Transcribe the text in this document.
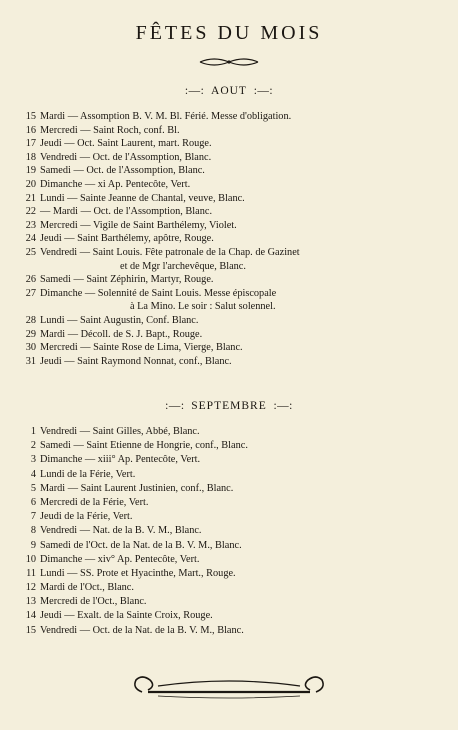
FÊTES DU MOIS
:—: AOUT :—:
15 Mardi — Assomption B. V. M. Bl. Férié. Messe d'obligation.
16 Mercredi — Saint Roch, conf. Bl.
17 Jeudi — Oct. Saint Laurent, mart. Rouge.
18 Vendredi — Oct. de l'Assomption, Blanc.
19 Samedi — Oct. de l'Assomption, Blanc.
20 Dimanche — xi Ap. Pentecôte, Vert.
21 Lundi — Sainte Jeanne de Chantal, veuve, Blanc.
22 — Mardi — Oct. de l'Assomption, Blanc.
23 Mercredi — Vigile de Saint Barthélemy, Violet.
24 Jeudi — Saint Barthélemy, apôtre, Rouge.
25 Vendredi — Saint Louis. Fête patronale de la Chap. de Gazinet
et de Mgr l'archevêque, Blanc.
26 Samedi — Saint Zéphirin, Martyr, Rouge.
27 Dimanche — Solennité de Saint Louis. Messe épiscopale
à La Mino. Le soir : Salut solennel.
28 Lundi — Saint Augustin, Conf. Blanc.
29 Mardi — Décoll. de S. J. Bapt., Rouge.
30 Mercredi — Sainte Rose de Lima, Vierge, Blanc.
31 Jeudi — Saint Raymond Nonnat, conf., Blanc.
:—: SEPTEMBRE :—:
1 Vendredi — Saint Gilles, Abbé, Blanc.
2 Samedi — Saint Etienne de Hongrie, conf., Blanc.
3 Dimanche — xiii° Ap. Pentecôte, Vert.
4 Lundi de la Férie, Vert.
5 Mardi — Saint Laurent Justinien, conf., Blanc.
6 Mercredi de la Férie, Vert.
7 Jeudi de la Férie, Vert.
8 Vendredi — Nat. de la B. V. M., Blanc.
9 Samedi de l'Oct. de la Nat. de la B. V. M., Blanc.
10 Dimanche — xiv° Ap. Pentecôte, Vert.
11 Lundi — SS. Prote et Hyacinthe, Mart., Rouge.
12 Mardi de l'Oct., Blanc.
13 Mercredi de l'Oct., Blanc.
14 Jeudi — Exalt. de la Sainte Croix, Rouge.
15 Vendredi — Oct. de la Nat. de la B. V. M., Blanc.
